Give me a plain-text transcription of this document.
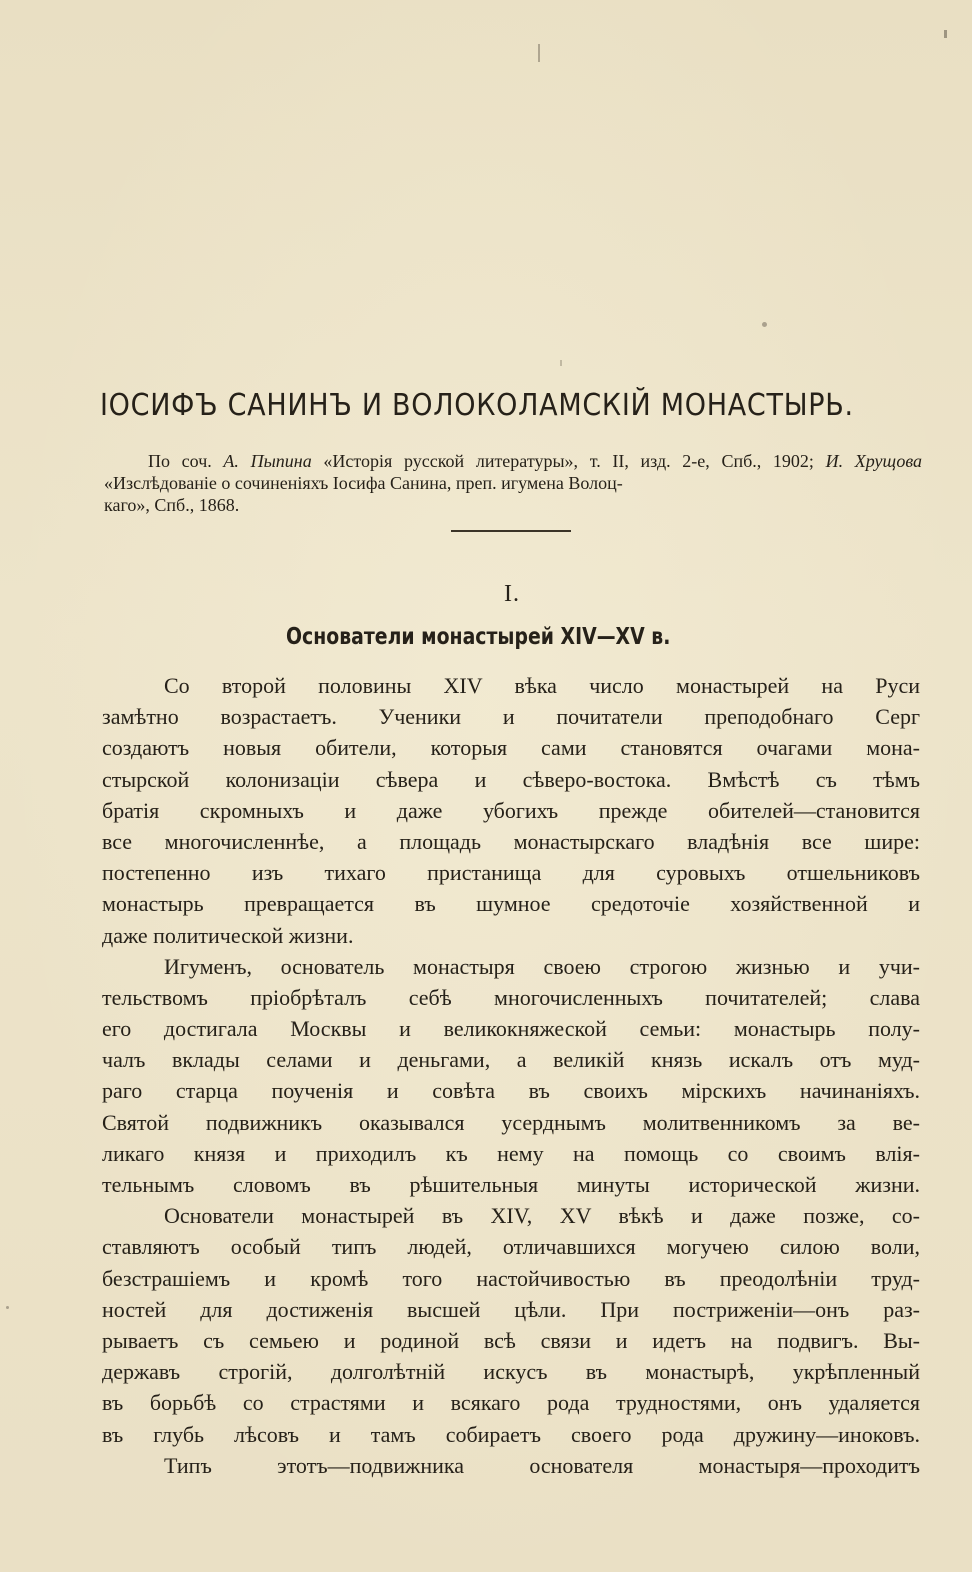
ІОСИФЪ САНИНЪ И ВОЛОКОЛАМСКІЙ МОНАСТЫРЬ.

По соч. А. Пыпина «Исторія русской литературы», т. II, изд. 2-е, Спб., 1902; И. Хрущова «Изслѣдованіе о сочиненіяхъ Іосифа Санина, преп. игумена Волоц-

каго», Спб., 1868.

I.
Основатели монастырей XIV—XV в.
Со второй половины XIV вѣка число монастырей на Руси
замѣтно возрастаетъ. Ученики и почитатели преподобнаго Серг
создаютъ новыя обители, которыя сами становятся очагами мона-
стырской колонизаціи сѣвера и сѣверо-востока. Вмѣстѣ съ тѣмъ
братія скромныхъ и даже убогихъ прежде обителей—становится
все многочисленнѣе, а площадь монастырскаго владѣнія все шире:
постепенно изъ тихаго пристанища для суровыхъ отшельниковъ
монастырь превращается въ шумное средоточіе хозяйственной и
даже политической жизни.
Игуменъ, основатель монастыря своею строгою жизнью и учи-
тельствомъ пріобрѣталъ себѣ многочисленныхъ почитателей; слава
его достигала Москвы и великокняжеской семьи: монастырь полу-
чалъ вклады селами и деньгами, а великій князь искалъ отъ муд-
раго старца поученія и совѣта въ своихъ мірскихъ начинаніяхъ.
Святой подвижникъ оказывался усерднымъ молитвенникомъ за ве-
ликаго князя и приходилъ къ нему на помощь со своимъ влія-
тельнымъ словомъ въ рѣшительныя минуты исторической жизни.
Основатели монастырей въ XIV, XV вѣкѣ и даже позже, со-
ставляютъ особый типъ людей, отличавшихся могучею силою воли,
безстрашіемъ и кромѣ того настойчивостью въ преодолѣніи труд-
ностей для достиженія высшей цѣли. При постриженіи—онъ раз-
рываетъ съ семьею и родиной всѣ связи и идетъ на подвигъ. Вы-
державъ строгій, долголѣтній искусъ въ монастырѣ, укрѣпленный
въ борьбѣ со страстями и всякаго рода трудностями, онъ удаляется
въ глубь лѣсовъ и тамъ собираетъ своего рода дружину—иноковъ.
Типъ этотъ—подвижника основателя монастыря—проходитъ
